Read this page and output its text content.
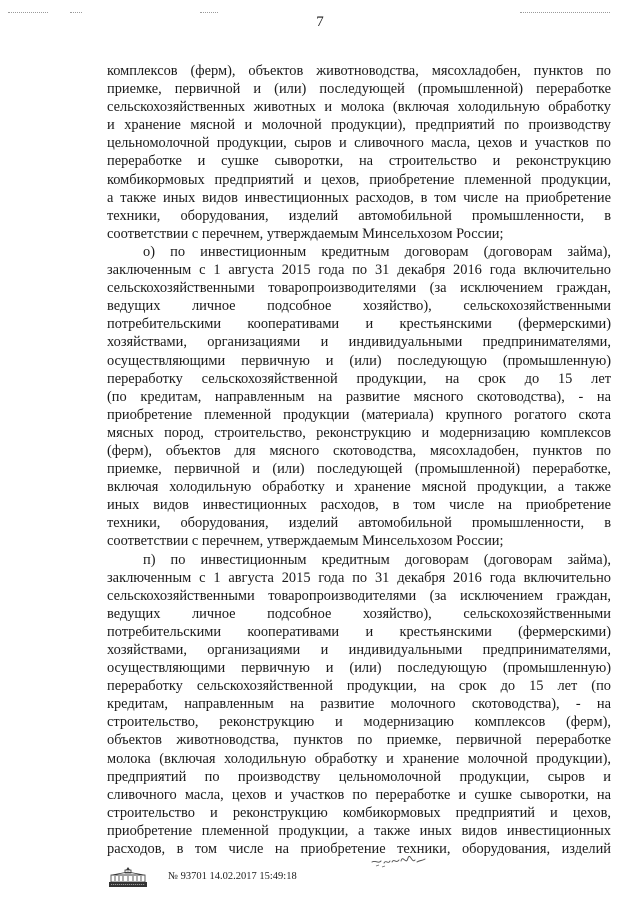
7
комплексов (ферм), объектов животноводства, мясохладобен, пунктов по
приемке, первичной и (или) последующей (промышленной) переработке
сельскохозяйственных животных и молока (включая холодильную обработку
и хранение мясной и молочной продукции), предприятий по производству
цельномолочной продукции, сыров и сливочного масла, цехов и участков по
переработке и сушке сыворотки, на строительство и реконструкцию
комбикормовых предприятий и цехов, приобретение племенной продукции,
а также иных видов инвестиционных расходов, в том числе на приобретение
техники, оборудования, изделий автомобильной промышленности, в
соответствии с перечнем, утверждаемым Минсельхозом России;
о) по инвестиционным кредитным договорам (договорам займа),
заключенным с 1 августа 2015 года по 31 декабря 2016 года включительно
сельскохозяйственными товаропроизводителями (за исключением граждан,
ведущих личное подсобное хозяйство), сельскохозяйственными
потребительскими кооперативами и крестьянскими (фермерскими)
хозяйствами, организациями и индивидуальными предпринимателями,
осуществляющими первичную и (или) последующую (промышленную)
переработку сельскохозяйственной продукции, на срок до 15 лет
(по кредитам, направленным на развитие мясного скотоводства), - на
приобретение племенной продукции (материала) крупного рогатого скота
мясных пород, строительство, реконструкцию и модернизацию комплексов
(ферм), объектов для мясного скотоводства, мясохладобен, пунктов по
приемке, первичной и (или) последующей (промышленной) переработке,
включая холодильную обработку и хранение мясной продукции, а также
иных видов инвестиционных расходов, в том числе на приобретение
техники, оборудования, изделий автомобильной промышленности, в
соответствии с перечнем, утверждаемым Минсельхозом России;
п) по инвестиционным кредитным договорам (договорам займа),
заключенным с 1 августа 2015 года по 31 декабря 2016 года включительно
сельскохозяйственными товаропроизводителями (за исключением граждан,
ведущих личное подсобное хозяйство), сельскохозяйственными
потребительскими кооперативами и крестьянскими (фермерскими)
хозяйствами, организациями и индивидуальными предпринимателями,
осуществляющими первичную и (или) последующую (промышленную)
переработку сельскохозяйственной продукции, на срок до 15 лет (по
кредитам, направленным на развитие молочного скотоводства), - на
строительство, реконструкцию и модернизацию комплексов (ферм),
объектов животноводства, пунктов по приемке, первичной переработке
молока (включая холодильную обработку и хранение молочной продукции),
предприятий по производству цельномолочной продукции, сыров и
сливочного масла, цехов и участков по переработке и сушке сыворотки, на
строительство и реконструкцию комбикормовых предприятий и цехов,
приобретение племенной продукции, а также иных видов инвестиционных
расходов, в том числе на приобретение техники, оборудования, изделий
№ 93701 14.02.2017 15:49:18
